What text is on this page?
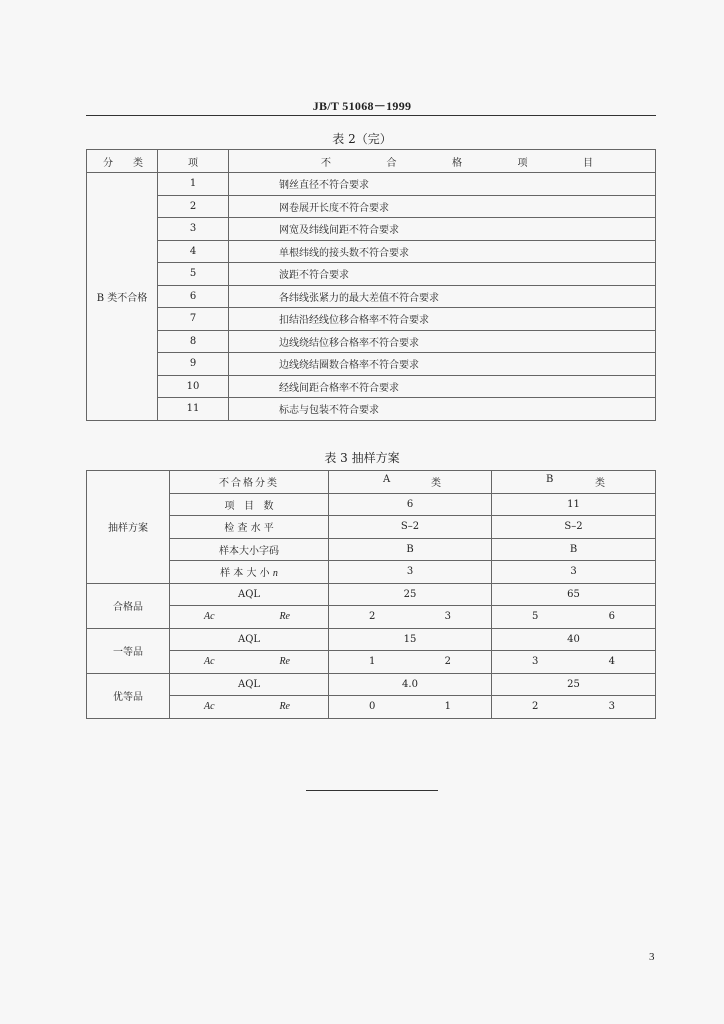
JB/T 51068－1999
表 2（完）
分 类	项	不 合 格 项 目

B 类不合格	1	钢丝直径不符合要求
	2	网卷展开长度不符合要求
	3	网宽及纬线间距不符合要求
	4	单根纬线的接头数不符合要求
	5	波距不符合要求
	6	各纬线张紧力的最大差值不符合要求
	7	扣结沿经线位移合格率不符合要求
	8	边线绕结位移合格率不符合要求
	9	边线绕结圈数合格率不符合要求
	10	经线间距合格率不符合要求
	11	标志与包装不符合要求
表 3 抽样方案
抽样方案	不合格分类	A 类	B 类

	项   目   数	6	11
	检 查 水 平	S–2	S–2
	样本大小字码	B	B
	样 本 大 小 n	3	3
合格品	AQL	25	65

	Ac Re	2 3	5 6

一等品	AQL	15	40

	Ac Re	1 2	3 4

优等品	AQL	4.0	25

	Ac Re	0 1	2 3
3
